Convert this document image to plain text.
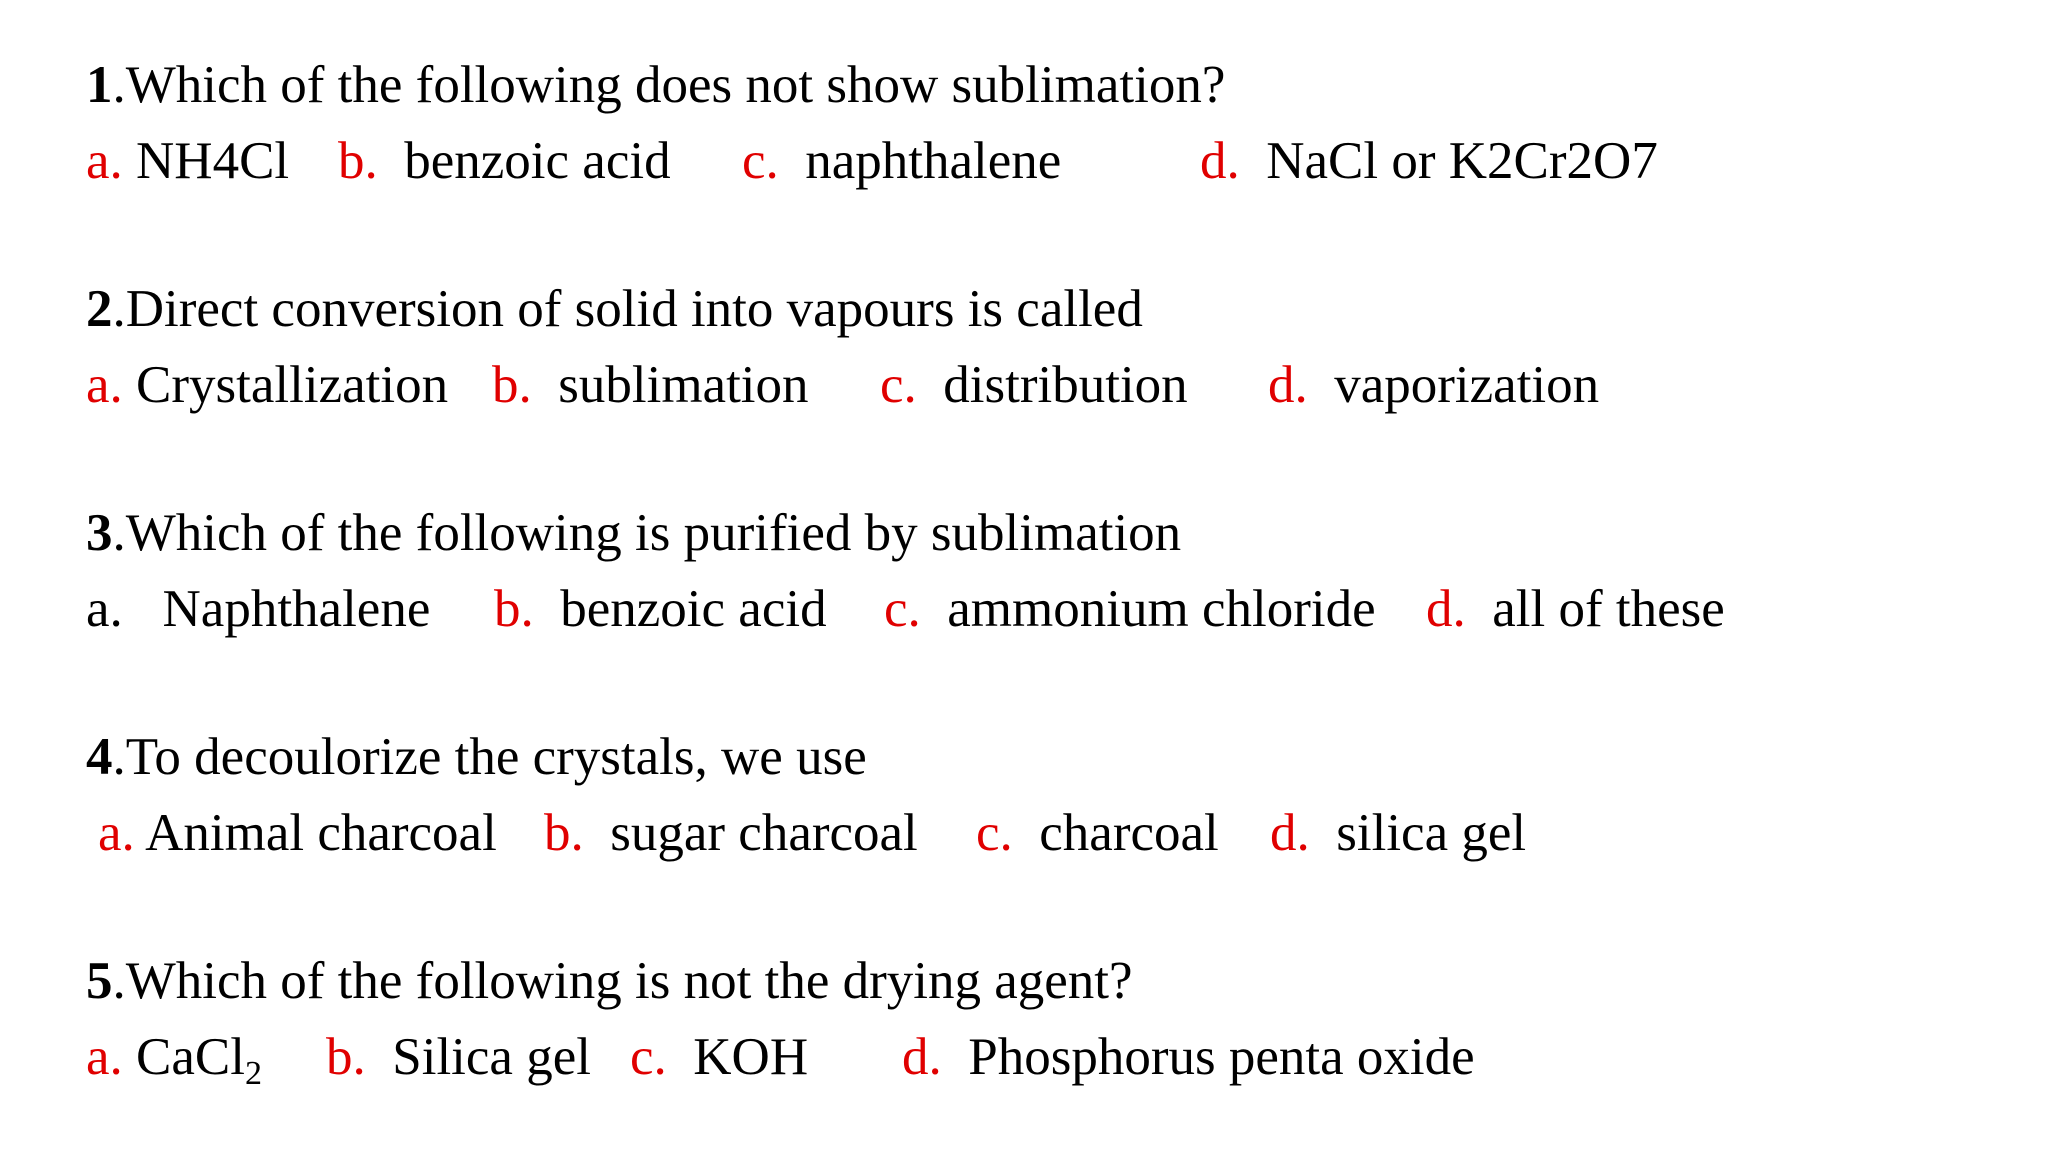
1.Which of the following does not show sublimation?

a. NH4Cl b.  benzoic acid c.  naphthalene	d.  NaCl or K2Cr2O7

2.Direct conversion of solid into vapours is called

a. Crystallization b.  sublimation c.  distribution d.  vaporization

3.Which of the following is purified by sublimation

a.   Naphthalene b.  benzoic acid c.  ammonium chloride d.  all of these

4.To decoulorize the crystals, we use

a. Animal charcoal b.  sugar charcoal c.  charcoal d.  silica gel

5.Which of the following is not the drying agent?

a. CaCl$_2$ b.  Silica gel c.  KOH d.  Phosphorus penta oxide
